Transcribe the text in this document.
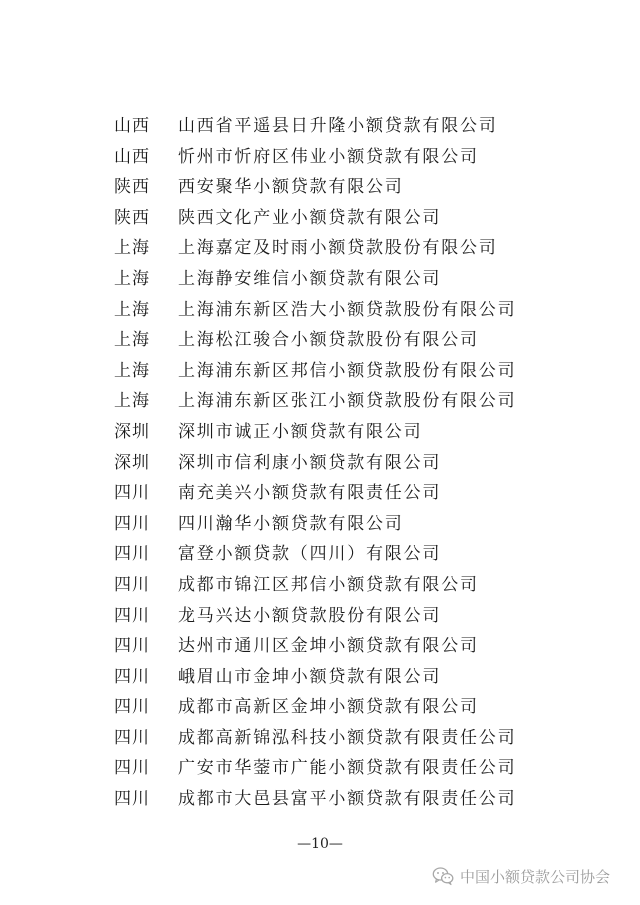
山西 山西省平遥县日升隆小额贷款有限公司
山西 忻州市忻府区伟业小额贷款有限公司
陕西 西安聚华小额贷款有限公司
陕西 陕西文化产业小额贷款有限公司
上海 上海嘉定及时雨小额贷款股份有限公司
上海 上海静安维信小额贷款有限公司
上海 上海浦东新区浩大小额贷款股份有限公司
上海 上海松江骏合小额贷款股份有限公司
上海 上海浦东新区邦信小额贷款股份有限公司
上海 上海浦东新区张江小额贷款股份有限公司
深圳 深圳市诚正小额贷款有限公司
深圳 深圳市信利康小额贷款有限公司
四川 南充美兴小额贷款有限责任公司
四川 四川瀚华小额贷款有限公司
四川 富登小额贷款（四川）有限公司
四川 成都市锦江区邦信小额贷款有限公司
四川 龙马兴达小额贷款股份有限公司
四川 达州市通川区金坤小额贷款有限公司
四川 峨眉山市金坤小额贷款有限公司
四川 成都市高新区金坤小额贷款有限公司
四川 成都高新锦泓科技小额贷款有限责任公司
四川 广安市华蓥市广能小额贷款有限责任公司
四川 成都市大邑县富平小额贷款有限责任公司
—10—
中国小额贷款公司协会
